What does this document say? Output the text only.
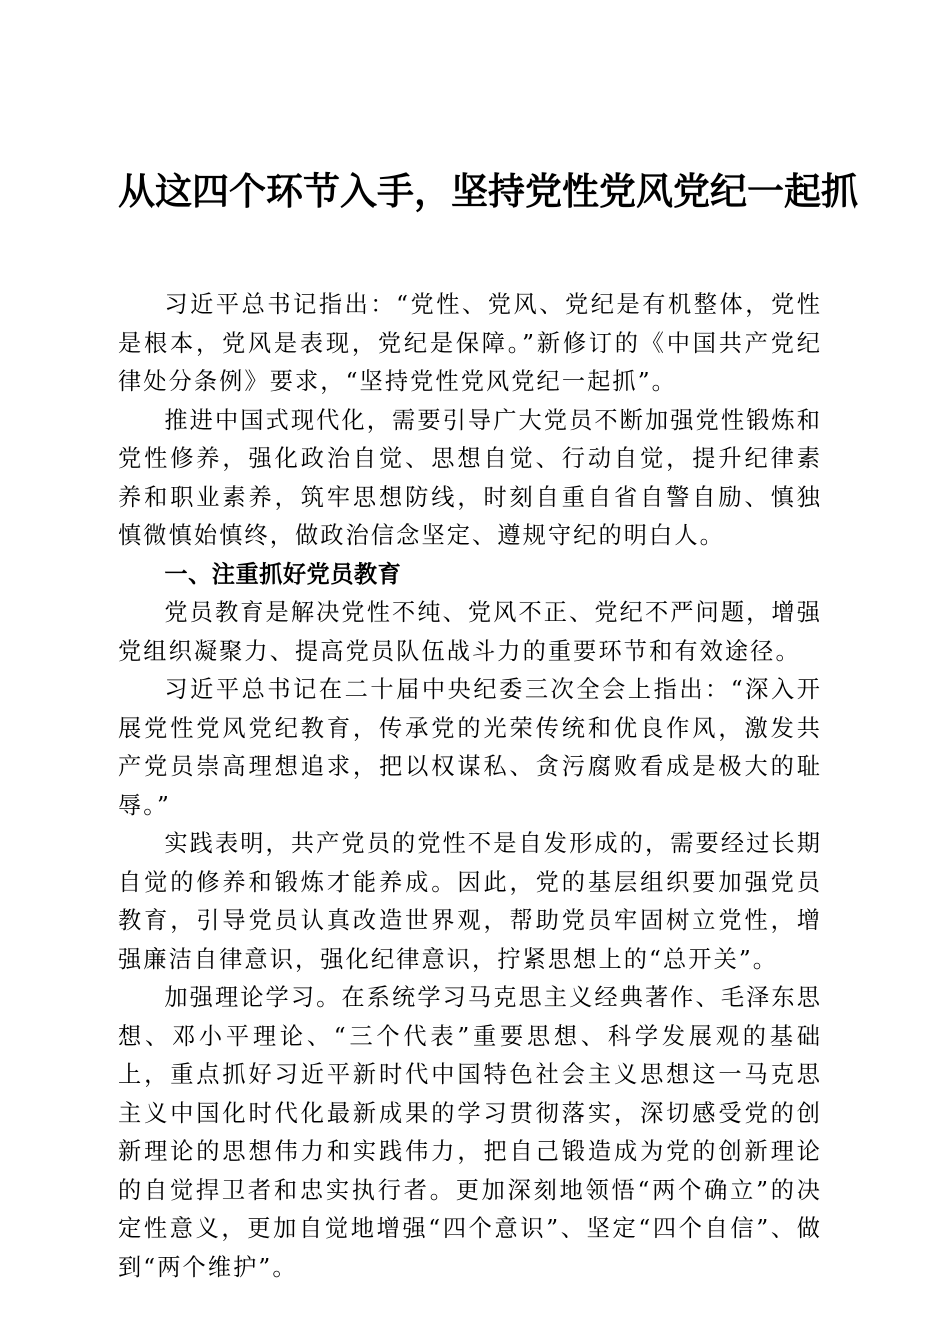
从这四个环节入手，坚持党性党风党纪一起抓

习近平总书记指出：“党性、党风、党纪是有机整体，党性是根本，党风是表现，党纪是保障。”新修订的《中国共产党纪律处分条例》要求，“坚持党性党风党纪一起抓”。

推进中国式现代化，需要引导广大党员不断加强党性锻炼和党性修养，强化政治自觉、思想自觉、行动自觉，提升纪律素养和职业素养，筑牢思想防线，时刻自重自省自警自励、慎独慎微慎始慎终，做政治信念坚定、遵规守纪的明白人。

一、注重抓好党员教育

党员教育是解决党性不纯、党风不正、党纪不严问题，增强党组织凝聚力、提高党员队伍战斗力的重要环节和有效途径。

习近平总书记在二十届中央纪委三次全会上指出：“深入开展党性党风党纪教育，传承党的光荣传统和优良作风，激发共产党员崇高理想追求，把以权谋私、贪污腐败看成是极大的耻辱。”

实践表明，共产党员的党性不是自发形成的，需要经过长期自觉的修养和锻炼才能养成。因此，党的基层组织要加强党员教育，引导党员认真改造世界观，帮助党员牢固树立党性，增强廉洁自律意识，强化纪律意识，拧紧思想上的“总开关”。

加强理论学习。在系统学习马克思主义经典著作、毛泽东思想、邓小平理论、“三个代表”重要思想、科学发展观的基础上，重点抓好习近平新时代中国特色社会主义思想这一马克思主义中国化时代化最新成果的学习贯彻落实，深切感受党的创新理论的思想伟力和实践伟力，把自己锻造成为党的创新理论的自觉捍卫者和忠实执行者。更加深刻地领悟“两个确立”的决定性意义，更加自觉地增强“四个意识”、坚定“四个自信”、做到“两个维护”。
